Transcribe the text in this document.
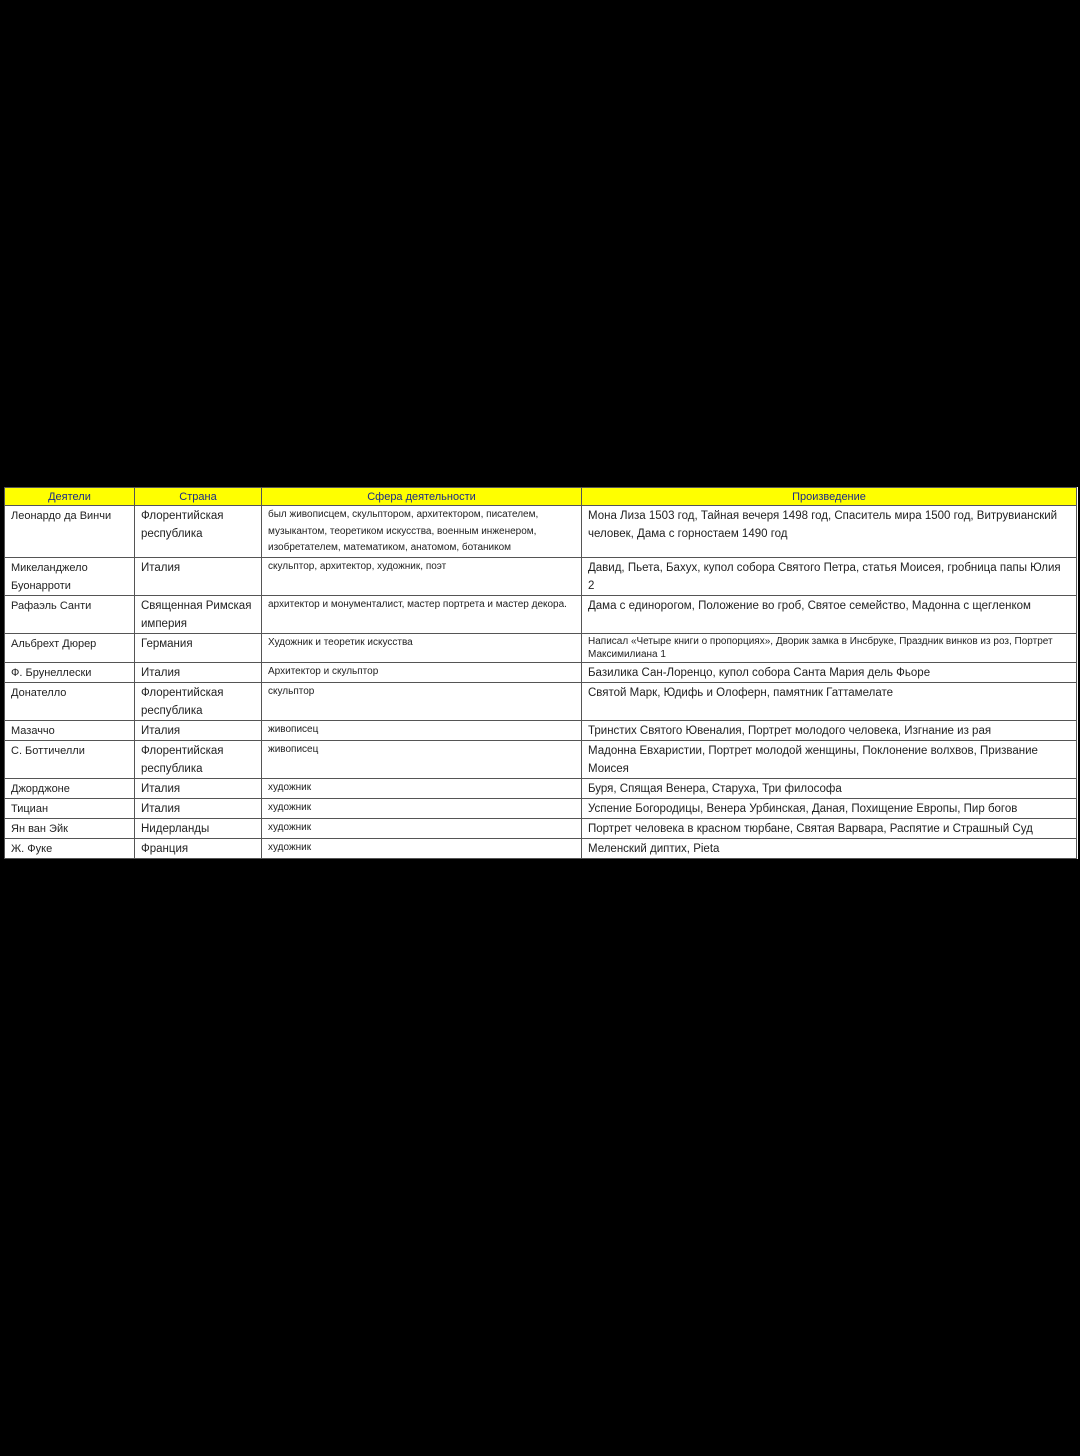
Деятели	Страна	Сфера деятельности	Произведение
Леонардо да Винчи	Флорентийская республика	был живописцем, скульптором, архитектором, писателем, музыкантом, теоретиком искусства, военным инженером, изобретателем, математиком, анатомом, ботаником	Мона Лиза 1503 год, Тайная вечеря 1498 год, Спаситель мира 1500 год, Витрувианский человек, Дама с горностаем 1490 год
Микеланджело Буонарроти	Италия	скульптор, архитектор, художник, поэт	Давид, Пьета, Бахух, купол собора Святого Петра, статья Моисея, гробница папы Юлия 2
Рафаэль Санти	Священная Римская империя	архитектор и монументалист, мастер портрета и мастер декора.	Дама с единорогом, Положение во гроб, Святое семейство, Мадонна с щегленком
Альбрехт Дюрер	Германия	Художник и теоретик искусства	Написал «Четыре книги о пропорциях», Дворик замка в Инсбруке, Праздник винков из роз, Портрет Максимилиана 1
Ф. Брунеллески	Италия	Архитектор и скульптор	Базилика Сан-Лоренцо, купол собора Санта Мария дель Фьоре
Донателло	Флорентийская республика	скульптор	Святой Марк, Юдифь и Олоферн, памятник Гаттамелате
Мазаччо	Италия	живописец	Тринстих Святого Ювеналия, Портрет молодого человека, Изгнание из рая
С. Боттичелли	Флорентийская республика	живописец	Мадонна Евхаристии, Портрет молодой женщины, Поклонение волхвов, Призвание Моисея
Джорджоне	Италия	художник	Буря, Спящая Венера, Старуха, Три философа
Тициан	Италия	художник	Успение Богородицы, Венера Урбинская, Даная, Похищение Европы, Пир богов
Ян ван Эйк	Нидерланды	художник	Портрет человека в красном тюрбане, Святая Варвара, Распятие и Страшный Суд
Ж. Фуке	Франция	художник	Меленский диптих, Pieta
